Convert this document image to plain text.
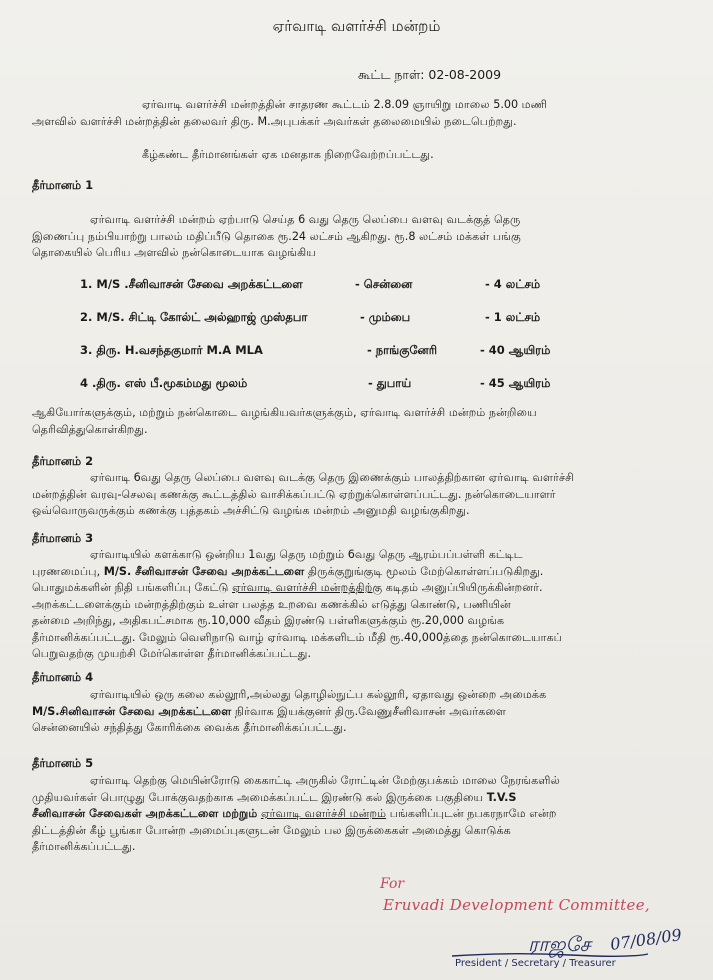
ஏர்வாடி வளர்ச்சி மன்றம்
கூட்ட நாள்: 02-08-2009
ஏர்வாடி வளர்ச்சி மன்றத்தின் சாதரண கூட்டம் 2.8.09 ஞாயிறு மாலை 5.00 மணி
அளவில் வளர்ச்சி மன்றத்தின் தலைவர் திரு. M.அபுபக்கர் அவர்கள் தலைமையில் நடைபெற்றது.
கீழ்கண்ட தீர்மானங்கள் ஏக மனதாக நிறைவேற்றப்பட்டது.
தீர்மானம் 1
ஏர்வாடி வளர்ச்சி மன்றம் ஏற்பாடு செய்த 6 வது தெரு லெப்பை வளவு வடக்குத் தெரு
இணைப்பு நம்பியாற்று பாலம் மதிப்பீடு தொகை ரூ.24 லட்சம் ஆகிறது. ரூ.8 லட்சம் மக்கள் பங்கு
தொகையில் பெரிய அளவில் நன்கொடையாக வழங்கிய
1. M/S .சீனிவாசன் சேவை அறக்கட்டளை	- சென்னை	- 4 லட்சம்
2. M/S. சிட்டி கோல்ட் அல்ஹாஜ் முஸ்தபா	- மும்பை	- 1 லட்சம்
3. திரு. H.வசந்தகுமார் M.A MLA	- நாங்குனேரி	- 40 ஆயிரம்
4 .திரு. எஸ் பீ.மூகம்மது மூலம்	- துபாய்	- 45 ஆயிரம்
ஆகியோர்களுக்கும், மற்றும் நன்கொடை வழங்கியவர்களுக்கும், ஏர்வாடி வளர்ச்சி மன்றம் நன்றியை
தெரிவித்துகொள்கிறது.
தீர்மானம் 2
ஏர்வாடி 6வது தெரு லெப்பை வளவு வடக்கு தெரு இணைக்கும் பாலத்திற்கான ஏர்வாடி வளர்ச்சி
மன்றத்தின் வரவு-செலவு கணக்கு கூட்டத்தில் வாசிக்கப்பட்டு ஏற்றுக்கொள்ளப்பட்டது. நன்கொடையாளர்
ஒவ்வொருவருக்கும் கணக்கு புத்தகம் அச்சிட்டு வழங்க மன்றம் அனுமதி வழங்குகிறது.
தீர்மானம் 3
ஏர்வாடியில் களக்காடு ஒன்றிய 1வது தெரு மற்றும் 6வது தெரு ஆரம்பப்பள்ளி கட்டிட
புரணமைப்பு, M/S. சீனிவாசன் சேவை அறக்கட்டளை திருக்குறுங்குடி மூலம் மேற்கொள்ளப்படுகிறது.
பொதுமக்களின் நிதி பங்களிப்பு கேட்டு ஏர்வாடி வளர்ச்சி மன்றத்திற்கு கடிதம் அனுப்பியிருக்கின்றனர்.
அறக்கட்டளைக்கும் மன்றத்திற்கும் உள்ள பலத்த உறவை கணக்கில் எடுத்து கொண்டு, பணியின்
தன்மை அறிந்து, அதிகபட்சமாக ரூ.10,000 வீதம் இரண்டு பள்ளிகளுக்கும் ரூ.20,000 வழங்க
தீர்மானிக்கப்பட்டது. மேலும் வெளிநாடு வாழ் ஏர்வாடி மக்களிடம் மீதி ரூ.40,000த்தை நன்கொடையாகப்
பெறுவதற்கு முயற்சி மேர்கொள்ள தீர்மானிக்கப்பட்டது.
தீர்மானம் 4
ஏர்வாடியில் ஒரு கலை கல்லூரி,அல்லது தொழில்நுட்ப கல்லூரி, ஏதாவது ஒன்றை அமைக்க
M/S.சினிவாசன் சேவை அறக்கட்டளை நிர்வாக இயக்குனர் திரு.வேணுசீனிவாசன் அவர்களை
சென்னையில் சந்தித்து கோரிக்கை வைக்க தீர்மானிக்கப்பட்டது.
தீர்மானம் 5
ஏர்வாடி தெற்கு மெயின்ரோடு கைகாட்டி அருகில் ரோட்டின் மேற்குபக்கம் மாலை நேரங்களில்
முதியவர்கள் பொழுது போக்குவதற்காக அமைக்கப்பட்ட இரண்டு கல் இருக்கை பகுதியை T.V.S
சீனிவாசன் சேவைகள் அறக்கட்டளை மற்றும் ஏர்வாடி வளர்ச்சி மன்றம் பங்களிப்புடன் நபகரநாமே என்ற
திட்டத்தின் கீழ் பூங்கா போன்ற அமைப்புகளுடன் மேலும் பல இருக்கைகள் அமைத்து கொடுக்க
தீர்மானிக்கப்பட்டது.
For
Eruvadi Development Committee,
ராஜசே 07/08/09
President / Secretary / Treasurer
